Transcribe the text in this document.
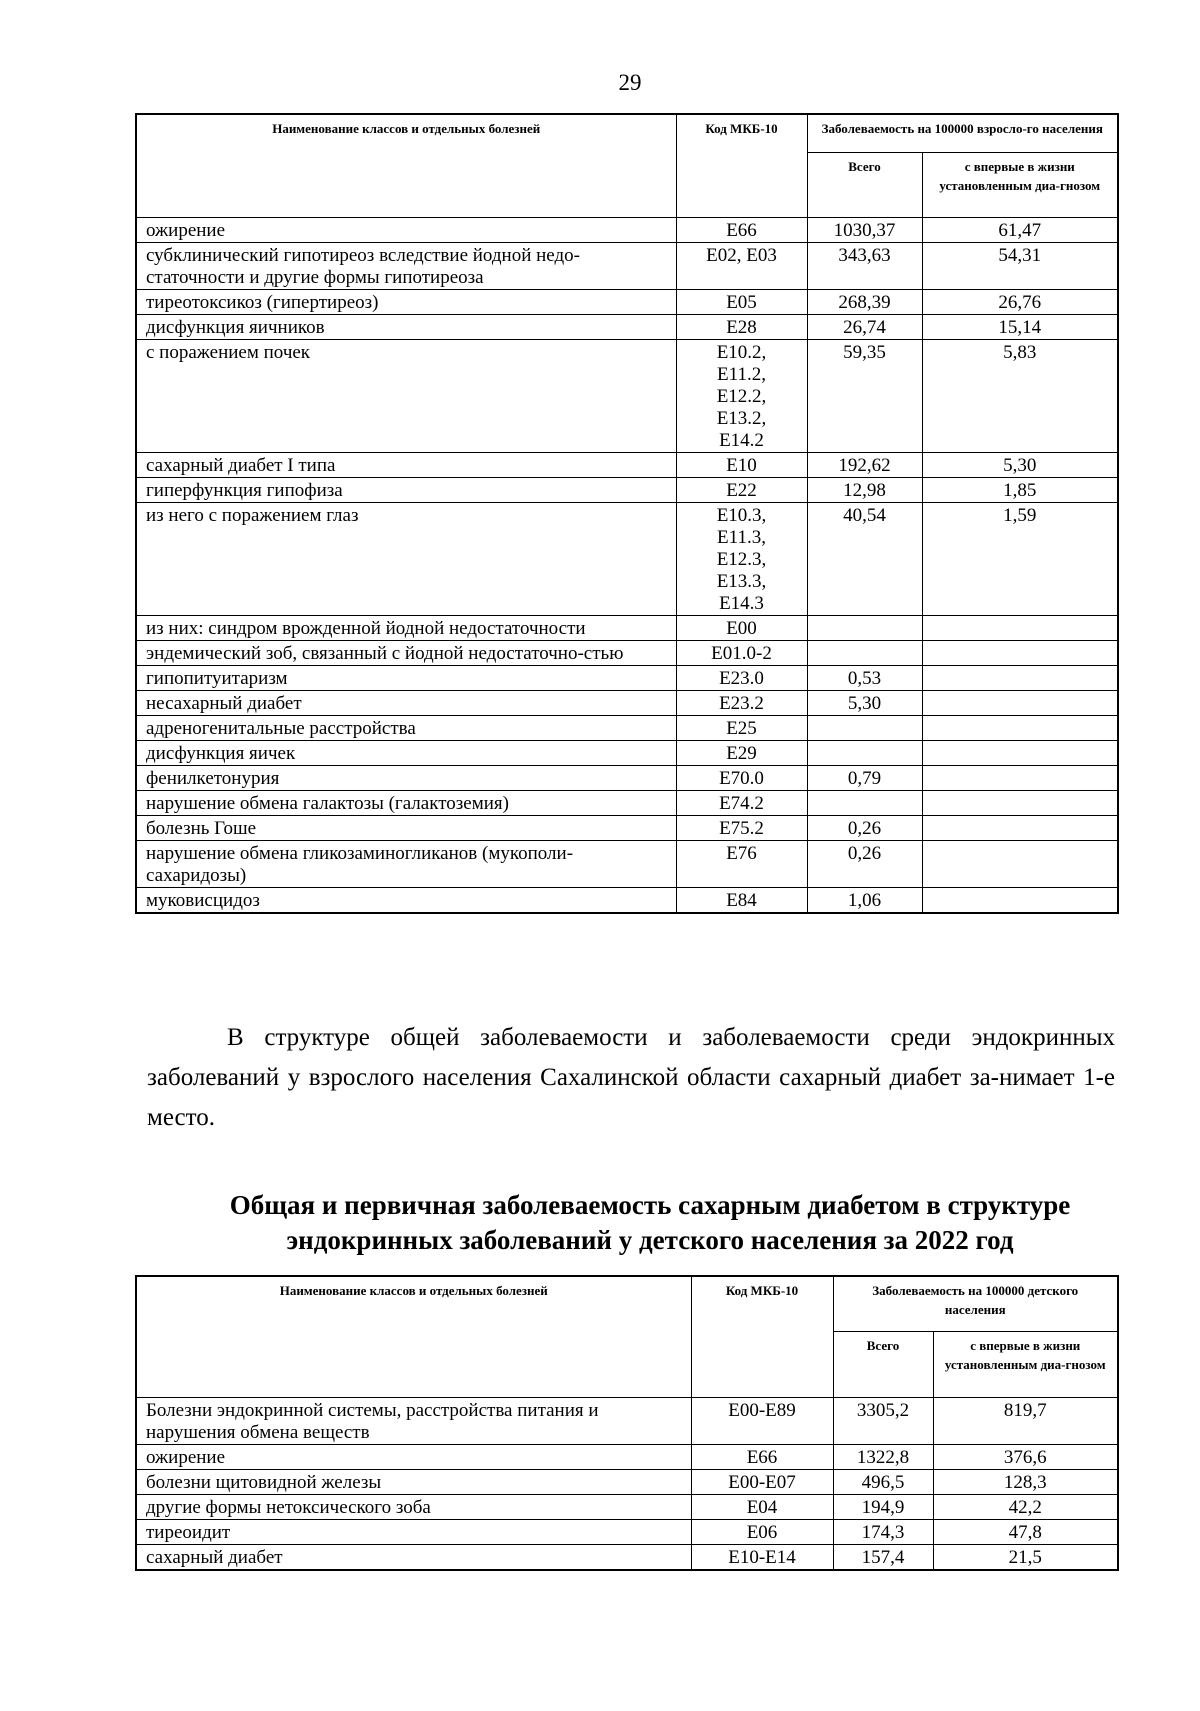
29
Наименование классов и отдельных болезней	Код МКБ-10	Заболеваемость на 100000 взросло-го населения	
		Всего	с впервые в жизни установленным диа-гнозом
ожирение	E66	1030,37	61,47
субклинический гипотиреоз вследствие йодной недо-статочности и другие формы гипотиреоза	E02, E03	343,63	54,31
тиреотоксикоз (гипертиреоз)	E05	268,39	26,76
дисфункция яичников	E28	26,74	15,14
с поражением почек	E10.2,
E11.2,
E12.2,
E13.2,
E14.2	59,35	5,83
сахарный диабет I типа	E10	192,62	5,30
гиперфункция гипофиза	E22	12,98	1,85
из него с поражением глаз	E10.3,
E11.3,
E12.3,
E13.3,
E14.3	40,54	1,59
из них: синдром врожденной йодной недостаточности	E00		
эндемический зоб, связанный с йодной недостаточно-стью	E01.0-2		
гипопитуитаризм	E23.0	0,53	
несахарный диабет	E23.2	5,30	
адреногенитальные расстройства	E25		
дисфункция яичек	E29		
фенилкетонурия	E70.0	0,79	
нарушение обмена галактозы (галактоземия)	E74.2		
болезнь Гоше	E75.2	0,26	
нарушение обмена гликозаминогликанов (мукополи-сахаридозы)	E76	0,26	
муковисцидоз	E84	1,06	

В структуре общей заболеваемости и заболеваемости среди эндокринных заболеваний у взрослого населения Сахалинской области сахарный диабет за-нимает 1-е место.

Общая и первичная заболеваемость сахарным диабетом в структуре
эндокринных заболеваний у детского населения за 2022 год
Наименование классов и отдельных болезней	Код МКБ-10	Заболеваемость на 100000 детского населения	
		Всего	с впервые в жизни установленным диа-гнозом
Болезни эндокринной системы, расстройства питания и нарушения обмена веществ	E00-E89	3305,2	819,7
ожирение	E66	1322,8	376,6
болезни щитовидной железы	E00-E07	496,5	128,3
другие формы нетоксического зоба	E04	194,9	42,2
тиреоидит	E06	174,3	47,8
сахарный диабет	E10-E14	157,4	21,5
